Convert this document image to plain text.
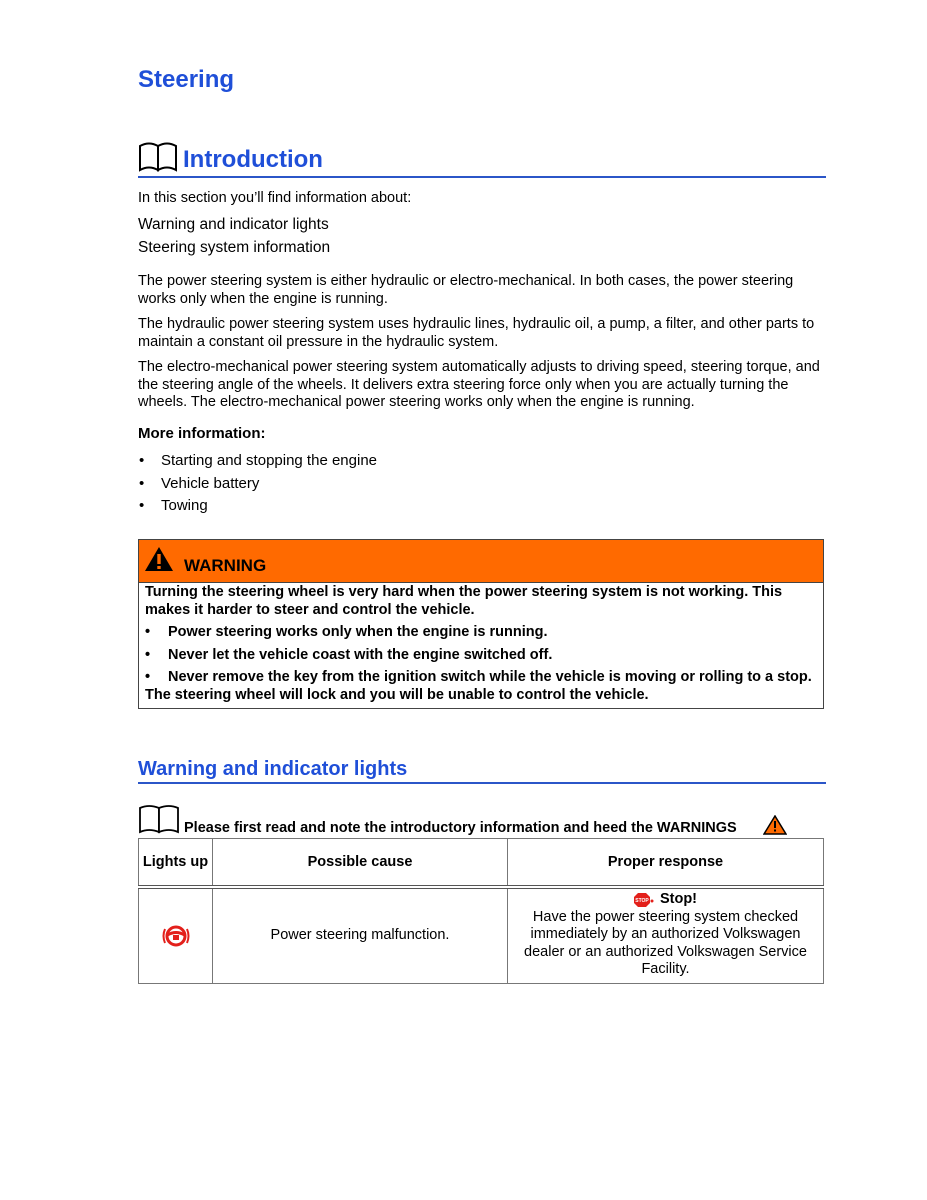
Steering
Introduction

In this section you’ll find information about:

Warning and indicator lights
Steering system information

The power steering system is either hydraulic or electro-mechanical. In both cases, the power steering works only when the engine is running.

The hydraulic power steering system uses hydraulic lines, hydraulic oil, a pump, a filter, and other parts to maintain a constant oil pressure in the hydraulic system.

The electro-mechanical power steering system automatically adjusts to driving speed, steering torque, and the steering angle of the wheels. It delivers extra steering force only when you are actually turning the wheels. The electro-mechanical power steering works only when the engine is running.

More information:
• Starting and stopping the engine
• Vehicle battery
• Towing
WARNING

Turning the steering wheel is very hard when the power steering system is not working. This makes it harder to steer and control the vehicle.

• Power steering works only when the engine is running.

• Never let the vehicle coast with the engine switched off.

• Never remove the key from the ignition switch while the vehicle is moving or rolling to a stop. The steering wheel will lock and you will be unable to control the vehicle.

Warning and indicator lights
Please first read and note the introductory information and heed the WARNINGS
Lights up	Possible cause	Proper response

	Power steering malfunction.	STOP Stop!
Have the power steering system checked immediately by an authorized Volkswagen dealer or an authorized Volkswagen Service Facility.
